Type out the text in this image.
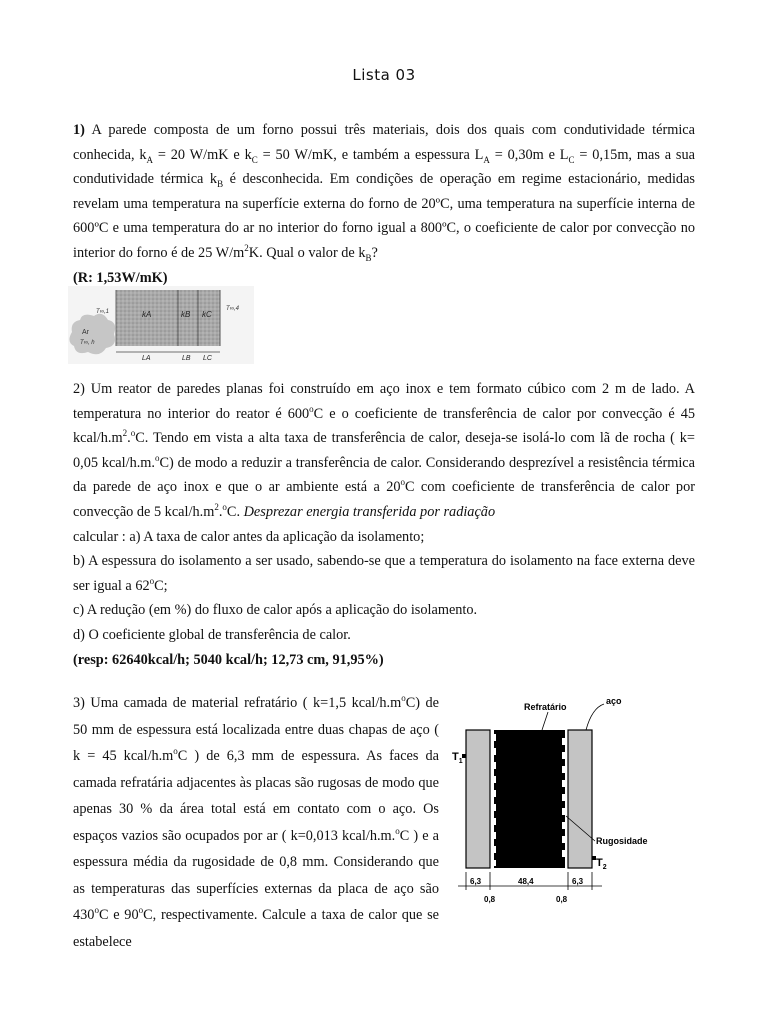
Lista 03

1) A parede composta de um forno possui três materiais, dois dos quais com condutividade térmica conhecida, $k_A = 20$ W/mK e $k_C = 50$ W/mK, e também a espessura $L_A = 0,30m$ e $L_C = 0,15m$, mas a sua condutividade térmica $k_B$ é desconhecida. Em condições de operação em regime estacionário, medidas revelam uma temperatura na superfície externa do forno de 20ºC, uma temperatura na superfície interna de 600ºC e uma temperatura do ar no interior do forno igual a 800ºC, o coeficiente de calor por convecção no interior do forno é de 25 $W/m^2K$. Qual o valor de $k_B$?

(R: 1,53W/mK)

T∞,1	T∞,4
kA	kB kC
Ar
T∞, h
LA	LB LC

2) Um reator de paredes planas foi construído em aço inox e tem formato cúbico com 2 m de lado. A temperatura no interior do reator é 600$^o$C e o coeficiente de transferência de calor por convecção é 45 kcal/$h.m^2.^oC$. Tendo em vista a alta taxa de transferência de calor, deseja-se isolá-lo com lã de rocha ( k= 0,05 kcal/h.m.$^o$C) de modo a reduzir a transferência de calor. Considerando desprezível a resistência térmica da parede de aço inox e que o ar ambiente está a 20$^o$C com coeficiente de transferência de calor por convecção de 5 kcal/$h.m^2.^oC$. Desprezar energia transferida por radiação

calcular : a) A taxa de calor antes da aplicação da isolamento;

b) A espessura do isolamento a ser usado, sabendo-se que a temperatura do isolamento na face externa deve ser igual a 62$^o$C;

c) A redução (em %) do fluxo de calor após a aplicação do isolamento.

d) O coeficiente global de transferência de calor.

(resp: 62640kcal/h; 5040 kcal/h; 12,73 cm, 91,95%)

3) Uma camada de material refratário ( k=1,5 kcal/$h.m^oC$) de 50 mm de espessura está localizada entre duas chapas de aço ( k = 45 kcal/$h.m^oC$ ) de 6,3 mm de espessura. As faces da camada refratária adjacentes às placas são rugosas de modo que apenas 30 % da área total está em contato com o aço. Os espaços vazios são ocupados por ar ( k=0,013 kcal/h.m.$^o$C ) e a espessura média da rugosidade de 0,8 mm. Considerando que as temperaturas das superfícies externas da placa de aço são 430$^o$C e 90$^o$C, respectivamente. Calcule a taxa de calor que se estabelece

Refratário
aço
$T_1$
Rugosidade
$T_2$
6,3	48,4	6,3
0,8	0,8
